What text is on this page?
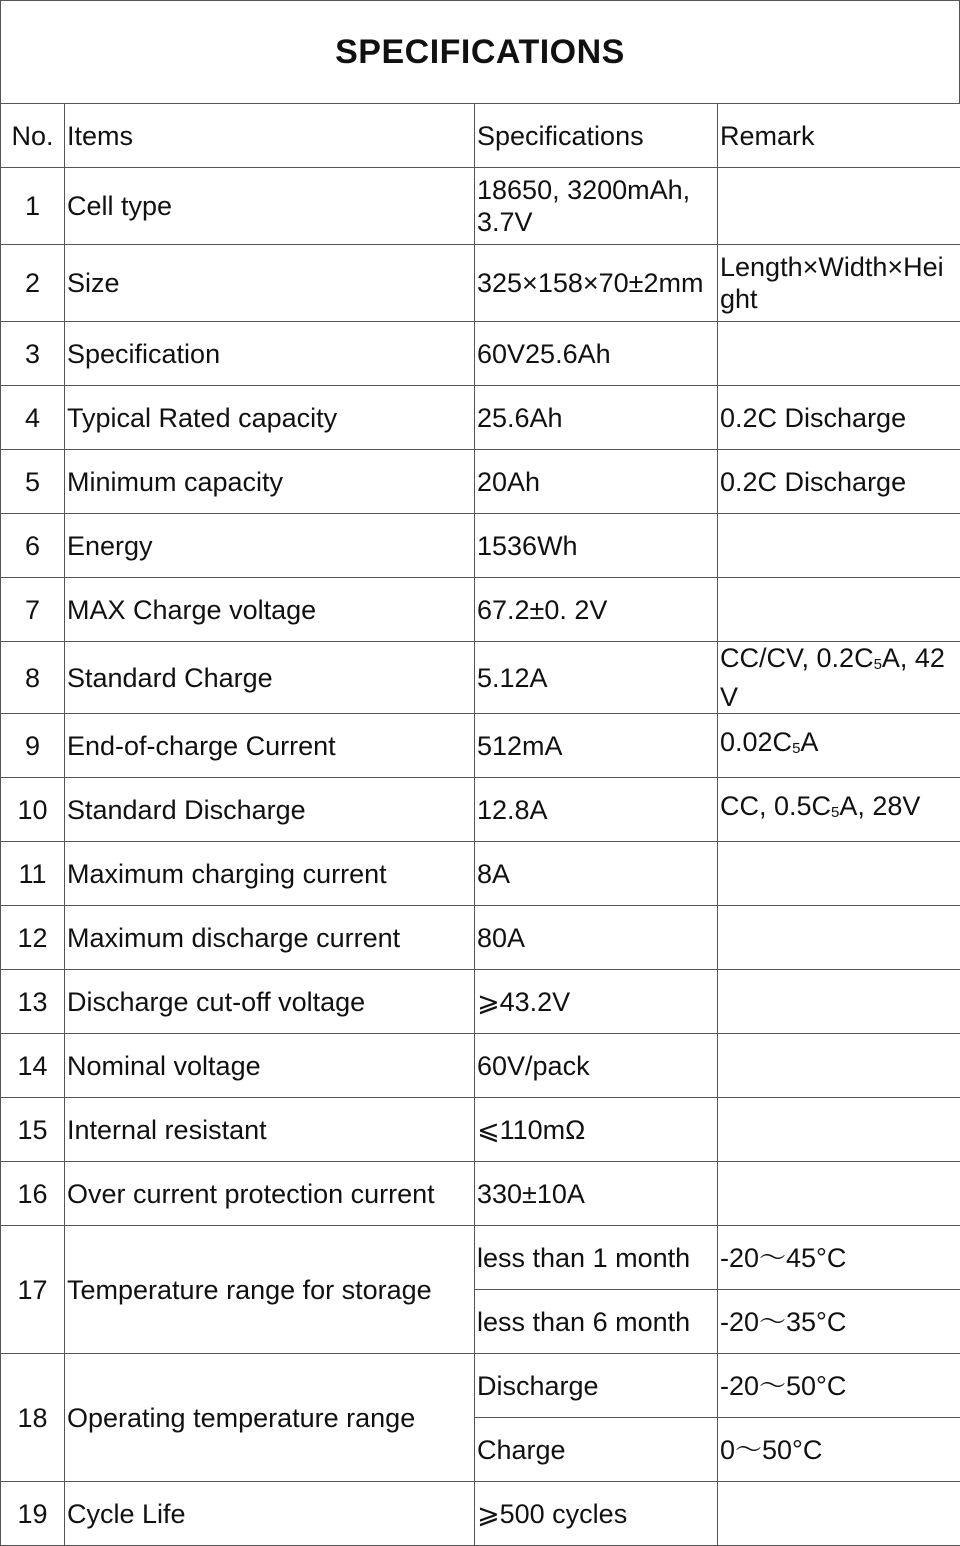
SPECIFICATIONS
No.	Items	Specifications	Remark
1	Cell type	18650, 3200mAh, 3.7V	
2	Size	325×158×70±2mm	Length×Width×Height
3	Specification	60V25.6Ah	
4	Typical Rated capacity	25.6Ah	0.2C Discharge
5	Minimum capacity	20Ah	0.2C Discharge
6	Energy	1536Wh	
7	MAX Charge voltage	67.2±0. 2V	
8	Standard Charge	5.12A	CC/CV, $0.2C_5A$, 42V
9	End-of-charge Current	512mA	$0.02C_5A$
10	Standard Discharge	12.8A	CC, $0.5C_5A$, 28V
11	Maximum charging current	8A	
12	Maximum discharge current	80A	
13	Discharge cut-off voltage	⩾43.2V	
14	Nominal voltage	60V/pack	
15	Internal resistant	⩽110mΩ	
16	Over current protection current	330±10A	
17	Temperature range for storage	less than 1 month	-20～45°C
		less than 6 month	-20～35°C
18	Operating temperature range	Discharge	-20～50°C
		Charge	0～50°C
19	Cycle Life	⩾500 cycles	
